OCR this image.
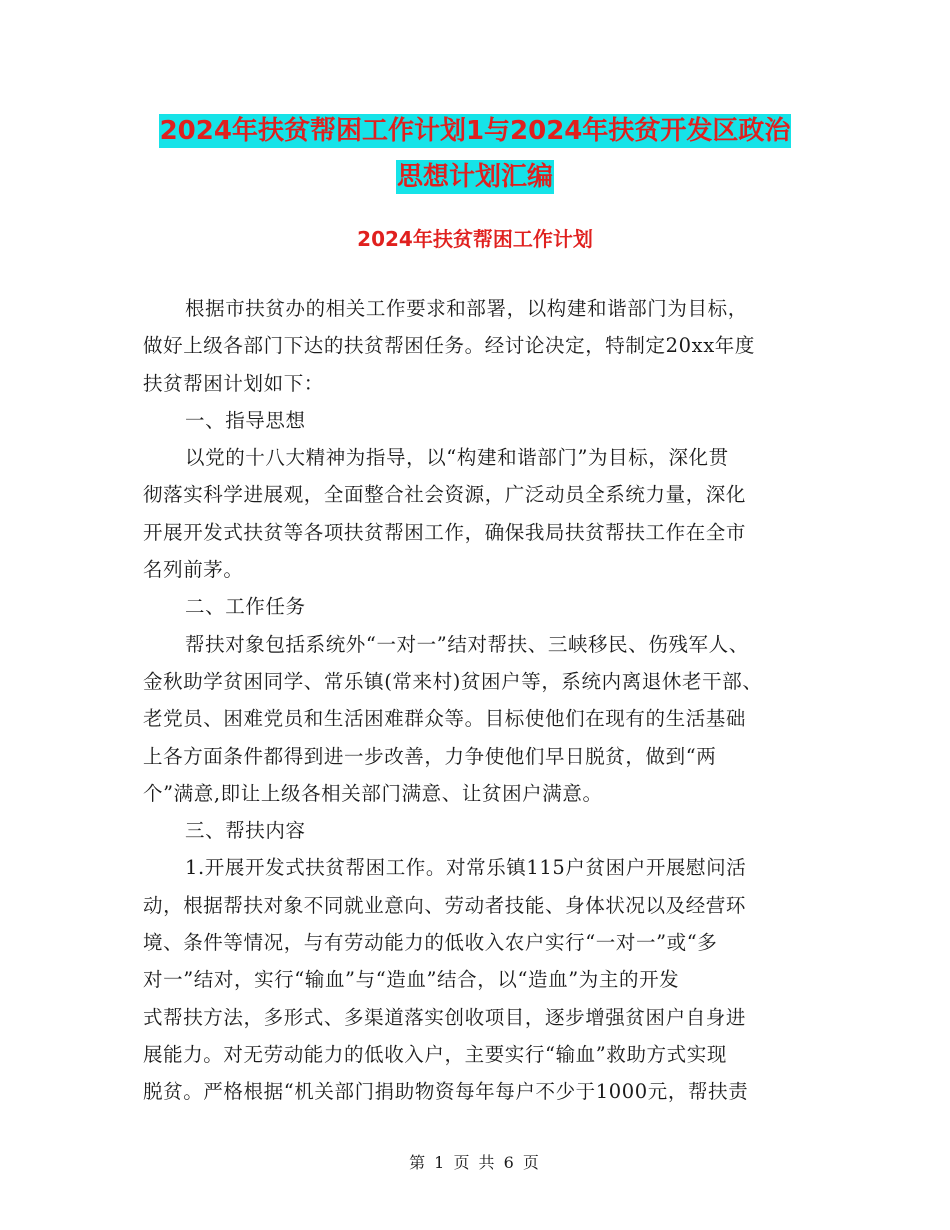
2024年扶贫帮困工作计划1与2024年扶贫开发区政治
思想计划汇编
2024年扶贫帮困工作计划
根据市扶贫办的相关工作要求和部署，以构建和谐部门为目标，
做好上级各部门下达的扶贫帮困任务。经讨论决定，特制定20xx年度
扶贫帮困计划如下：
一、指导思想
以党的十八大精神为指导，以“构建和谐部门”为目标，深化贯
彻落实科学进展观，全面整合社会资源，广泛动员全系统力量，深化
开展开发式扶贫等各项扶贫帮困工作，确保我局扶贫帮扶工作在全市
名列前茅。
二、工作任务
帮扶对象包括系统外“一对一”结对帮扶、三峡移民、伤残军人、
金秋助学贫困同学、常乐镇(常来村)贫困户等，系统内离退休老干部、
老党员、困难党员和生活困难群众等。目标使他们在现有的生活基础
上各方面条件都得到进一步改善，力争使他们早日脱贫，做到“两
个”满意,即让上级各相关部门满意、让贫困户满意。
三、帮扶内容
1.开展开发式扶贫帮困工作。对常乐镇115户贫困户开展慰问活
动，根据帮扶对象不同就业意向、劳动者技能、身体状况以及经营环
境、条件等情况，与有劳动能力的低收入农户实行“一对一”或“多
对一”结对，实行“输血”与“造血”结合，以“造血”为主的开发
式帮扶方法，多形式、多渠道落实创收项目，逐步增强贫困户自身进
展能力。对无劳动能力的低收入户，主要实行“输血”救助方式实现
脱贫。严格根据“机关部门捐助物资每年每户不少于1000元，帮扶责
第 1 页 共 6 页
